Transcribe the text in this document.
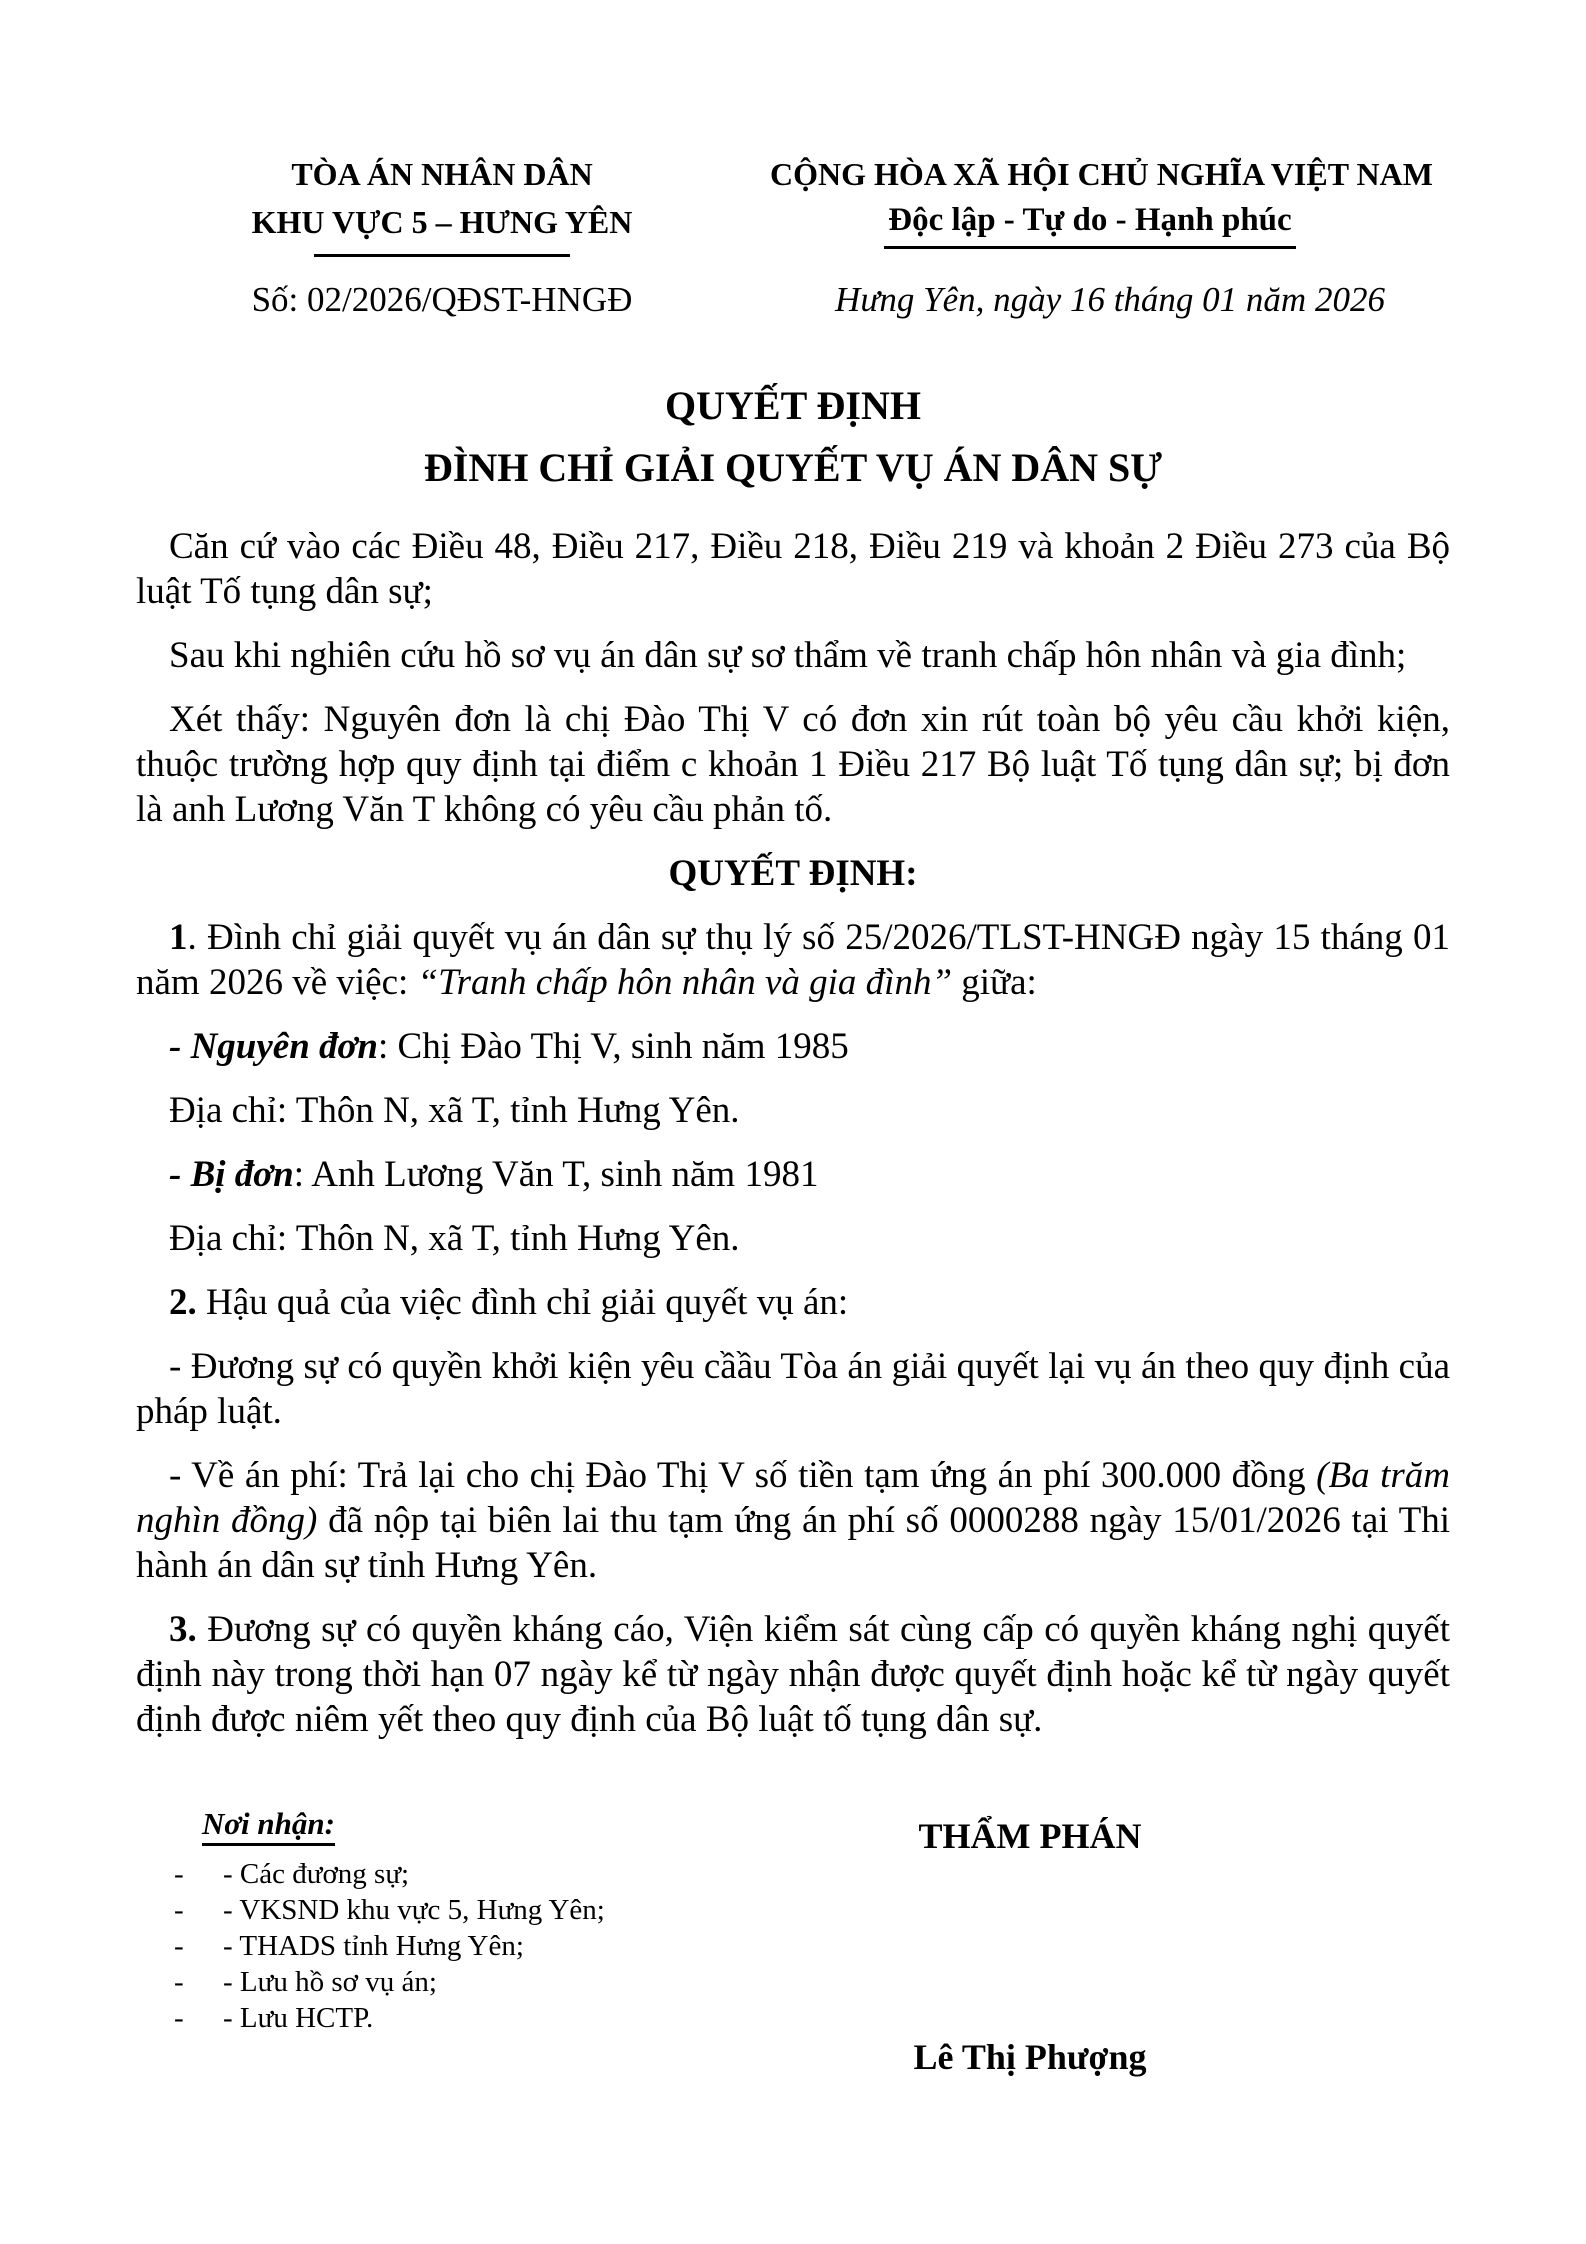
TÒA ÁN NHÂN DÂN
KHU VỰC 5 – HƯNG YÊN
CỘNG HÒA XÃ HỘI CHỦ NGHĨA VIỆT NAM
Độc lập - Tự do - Hạnh phúc
Số: 02/2026/QĐST-HNGĐ	Hưng Yên, ngày 16 tháng 01 năm 2026
QUYẾT ĐỊNH
ĐÌNH CHỈ GIẢI QUYẾT VỤ ÁN DÂN SỰ

Căn cứ vào các Điều 48, Điều 217, Điều 218, Điều 219 và khoản 2 Điều 273 của Bộ luật Tố tụng dân sự;

Sau khi nghiên cứu hồ sơ vụ án dân sự sơ thẩm về tranh chấp hôn nhân và gia đình;

Xét thấy: Nguyên đơn là chị Đào Thị V có đơn xin rút toàn bộ yêu cầu khởi kiện, thuộc trường hợp quy định tại điểm c khoản 1 Điều 217 Bộ luật Tố tụng dân sự; bị đơn là anh Lương Văn T không có yêu cầu phản tố.

QUYẾT ĐỊNH:

1. Đình chỉ giải quyết vụ án dân sự thụ lý số 25/2026/TLST-HNGĐ ngày 15 tháng 01 năm 2026 về việc: “Tranh chấp hôn nhân và gia đình” giữa:

- Nguyên đơn: Chị Đào Thị V, sinh năm 1985

Địa chỉ: Thôn N, xã T, tỉnh Hưng Yên.

- Bị đơn: Anh Lương Văn T, sinh năm 1981

Địa chỉ: Thôn N, xã T, tỉnh Hưng Yên.

2. Hậu quả của việc đình chỉ giải quyết vụ án:

- Đương sự có quyền khởi kiện yêu cầầu Tòa án giải quyết lại vụ án theo quy định của pháp luật.

- Về án phí: Trả lại cho chị Đào Thị V số tiền tạm ứng án phí 300.000 đồng (Ba trăm nghìn đồng) đã nộp tại biên lai thu tạm ứng án phí số 0000288 ngày 15/01/2026 tại Thi hành án dân sự tỉnh Hưng Yên.

3. Đương sự có quyền kháng cáo, Viện kiểm sát cùng cấp có quyền kháng nghị quyết định này trong thời hạn 07 ngày kể từ ngày nhận được quyết định hoặc kể từ ngày quyết định được niêm yết theo quy định của Bộ luật tố tụng dân sự.

Nơi nhận:
-	- Các đương sự;
-	- VKSND khu vực 5, Hưng Yên;
-	- THADS tỉnh Hưng Yên;
-	- Lưu hồ sơ vụ án;
-	- Lưu HCTP.
THẨM PHÁN
Lê Thị Phượng
